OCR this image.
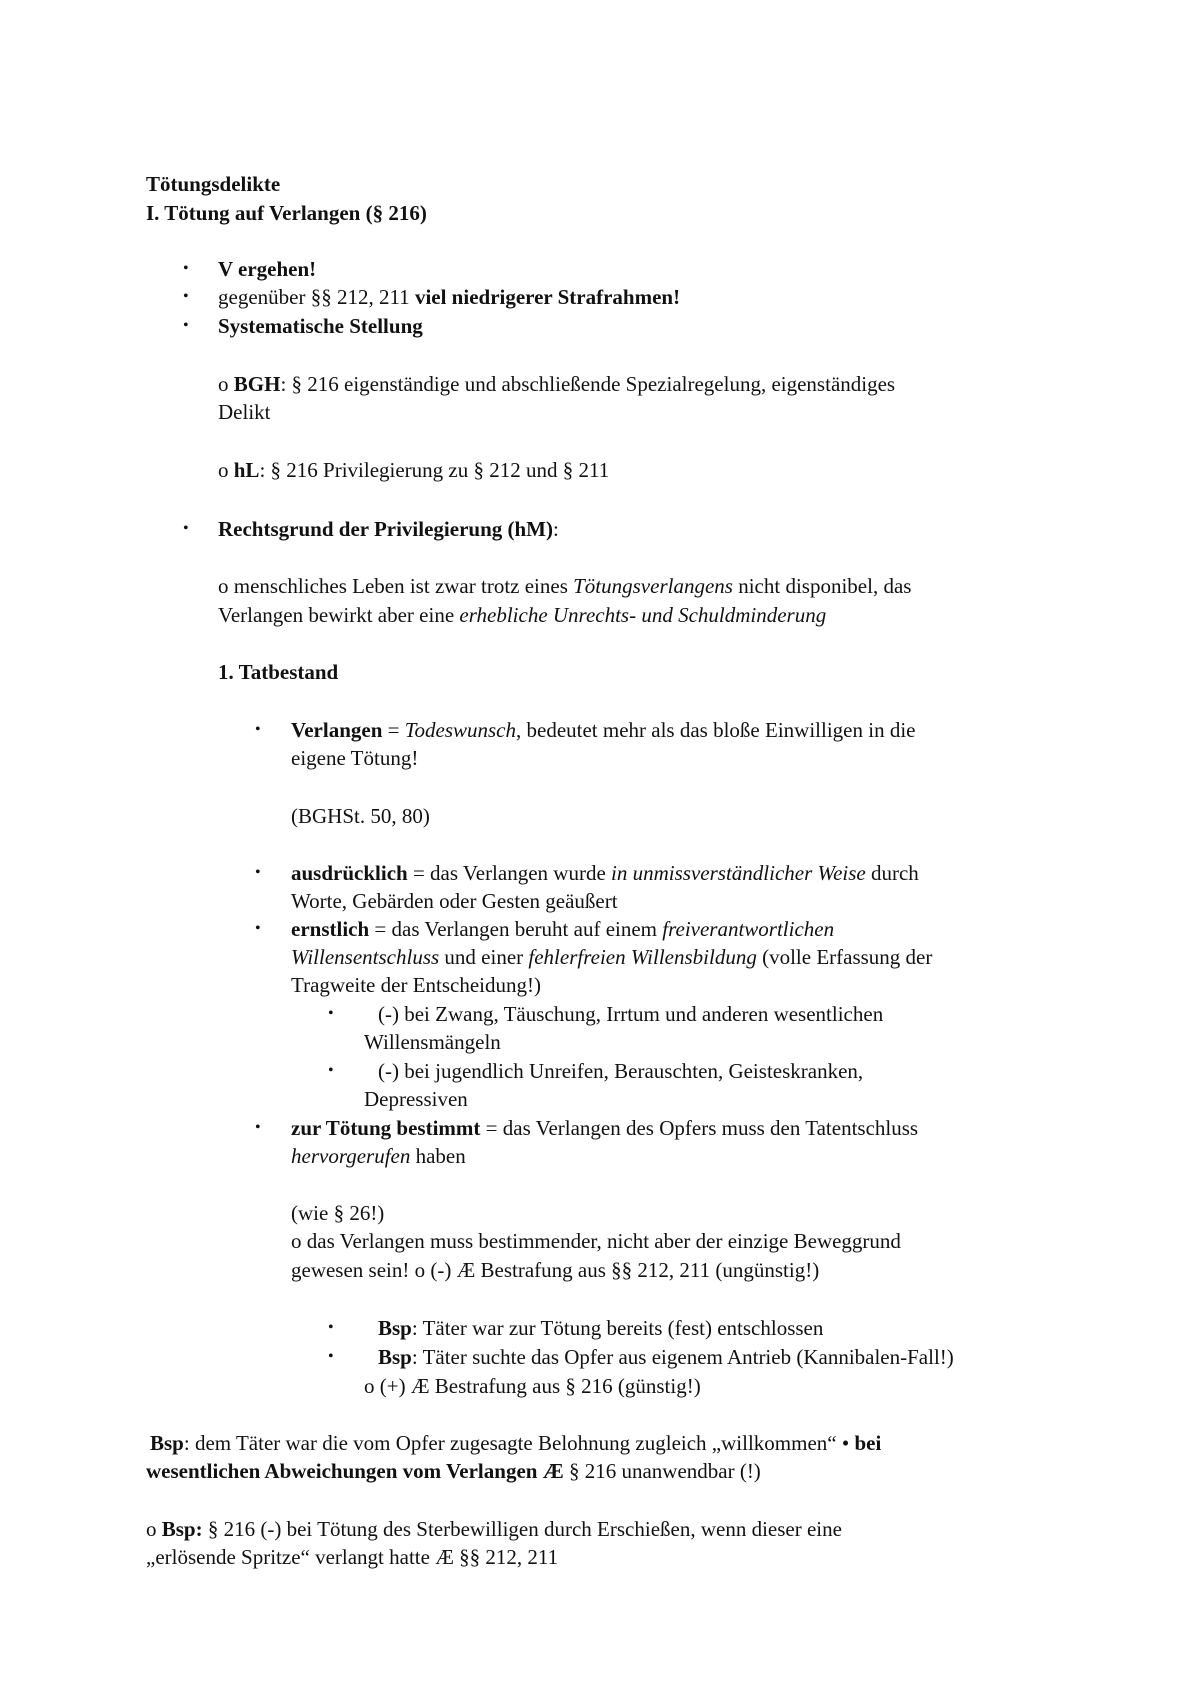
Tötungsdelikte
I. Tötung auf Verlangen (§ 216)
• V ergehen!
• gegenüber §§ 212, 211 viel niedrigerer Strafrahmen!
• Systematische Stellung
o BGH: § 216 eigenständige und abschließende Spezialregelung, eigenständiges
Delikt
o hL: § 216 Privilegierung zu § 212 und § 211
• Rechtsgrund der Privilegierung (hM):
o menschliches Leben ist zwar trotz eines Tötungsverlangens nicht disponibel, das
Verlangen bewirkt aber eine erhebliche Unrechts- und Schuldminderung
1. Tatbestand
• Verlangen = Todeswunsch, bedeutet mehr als das bloße Einwilligen in die
eigene Tötung!
(BGHSt. 50, 80)
• ausdrücklich = das Verlangen wurde in unmissverständlicher Weise durch
Worte, Gebärden oder Gesten geäußert
• ernstlich = das Verlangen beruht auf einem freiverantwortlichen
Willensentschluss und einer fehlerfreien Willensbildung (volle Erfassung der
Tragweite der Entscheidung!)
• (-) bei Zwang, Täuschung, Irrtum und anderen wesentlichen
Willensmängeln
• (-) bei jugendlich Unreifen, Berauschten, Geisteskranken,
Depressiven
• zur Tötung bestimmt = das Verlangen des Opfers muss den Tatentschluss
hervorgerufen haben
(wie § 26!)
o das Verlangen muss bestimmender, nicht aber der einzige Beweggrund
gewesen sein! o (-) Æ Bestrafung aus §§ 212, 211 (ungünstig!)
• Bsp: Täter war zur Tötung bereits (fest) entschlossen
• Bsp: Täter suchte das Opfer aus eigenem Antrieb (Kannibalen-Fall!)
o (+) Æ Bestrafung aus § 216 (günstig!)
Bsp: dem Täter war die vom Opfer zugesagte Belohnung zugleich „willkommen“ • bei
wesentlichen Abweichungen vom Verlangen Æ § 216 unanwendbar (!)
o Bsp: § 216 (-) bei Tötung des Sterbewilligen durch Erschießen, wenn dieser eine
„erlösende Spritze“ verlangt hatte Æ §§ 212, 211
